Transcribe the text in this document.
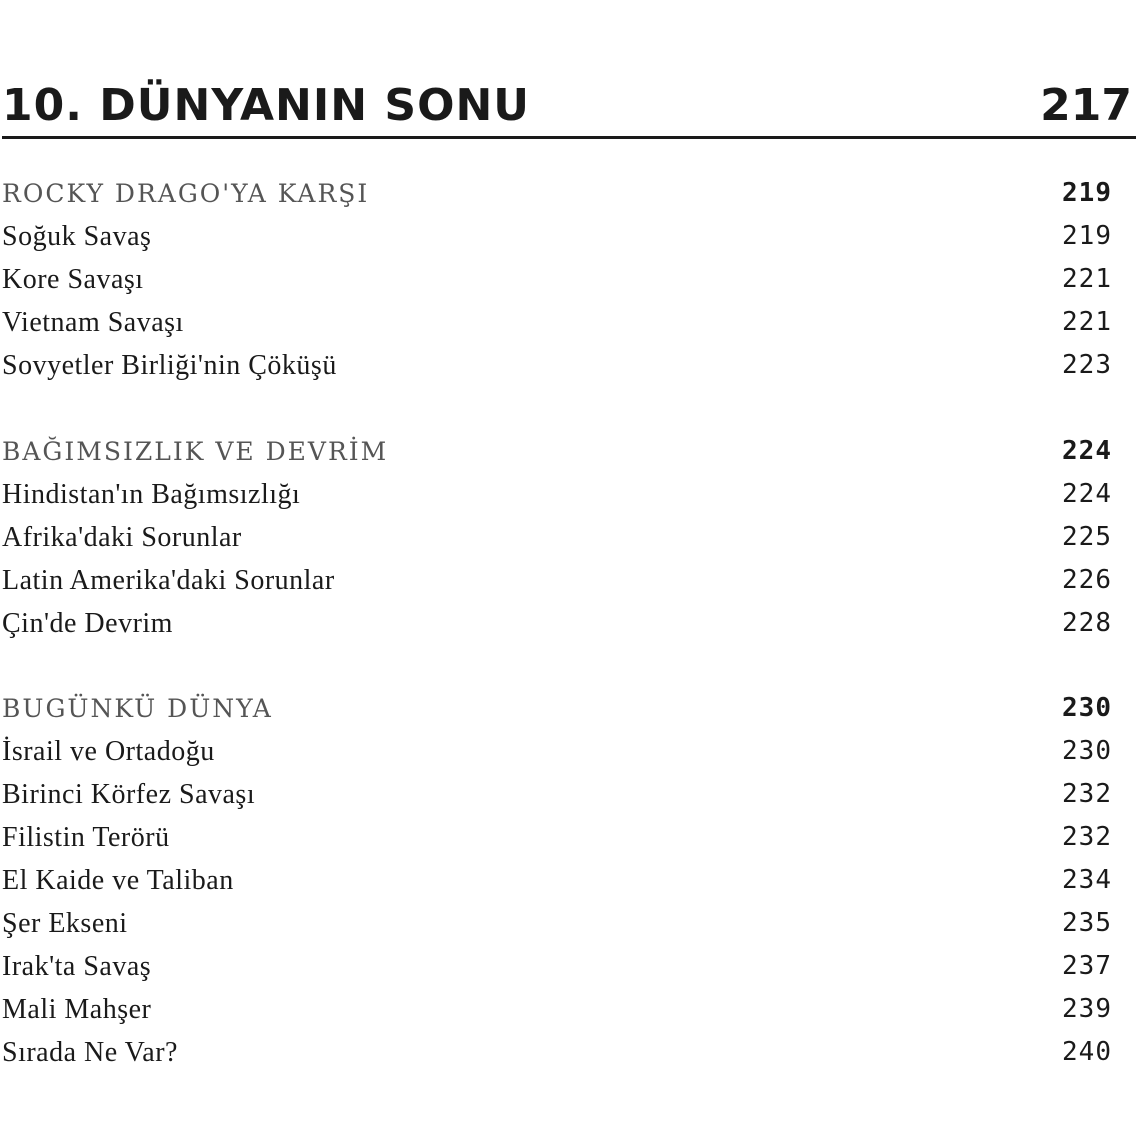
10. DÜNYANIN SONU	217
ROCKY DRAGO'YA KARŞI	219
Soğuk Savaş	219
Kore Savaşı	221
Vietnam Savaşı	221
Sovyetler Birliği'nin Çöküşü	223
BAĞIMSIZLIK VE DEVRİM	224
Hindistan'ın Bağımsızlığı	224
Afrika'daki Sorunlar	225
Latin Amerika'daki Sorunlar	226
Çin'de Devrim	228
BUGÜNKÜ DÜNYA	230
İsrail ve Ortadoğu	230
Birinci Körfez Savaşı	232
Filistin Terörü	232
El Kaide ve Taliban	234
Şer Ekseni	235
Irak'ta Savaş	237
Mali Mahşer	239
Sırada Ne Var?	240
